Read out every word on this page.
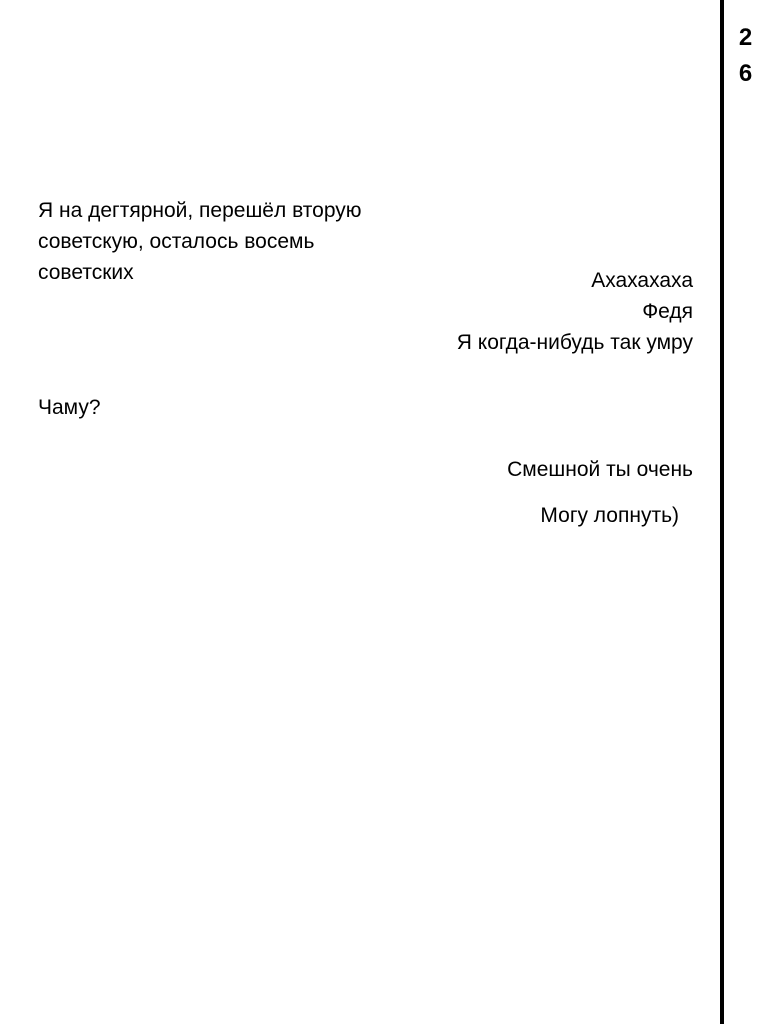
2
6
Я на дегтярной, перешёл вторую
советскую, осталось восемь
советских	Ахахахаха
Федя
Я когда-нибудь так умру
Чаму?
Смешной ты очень
Могу лопнуть)
